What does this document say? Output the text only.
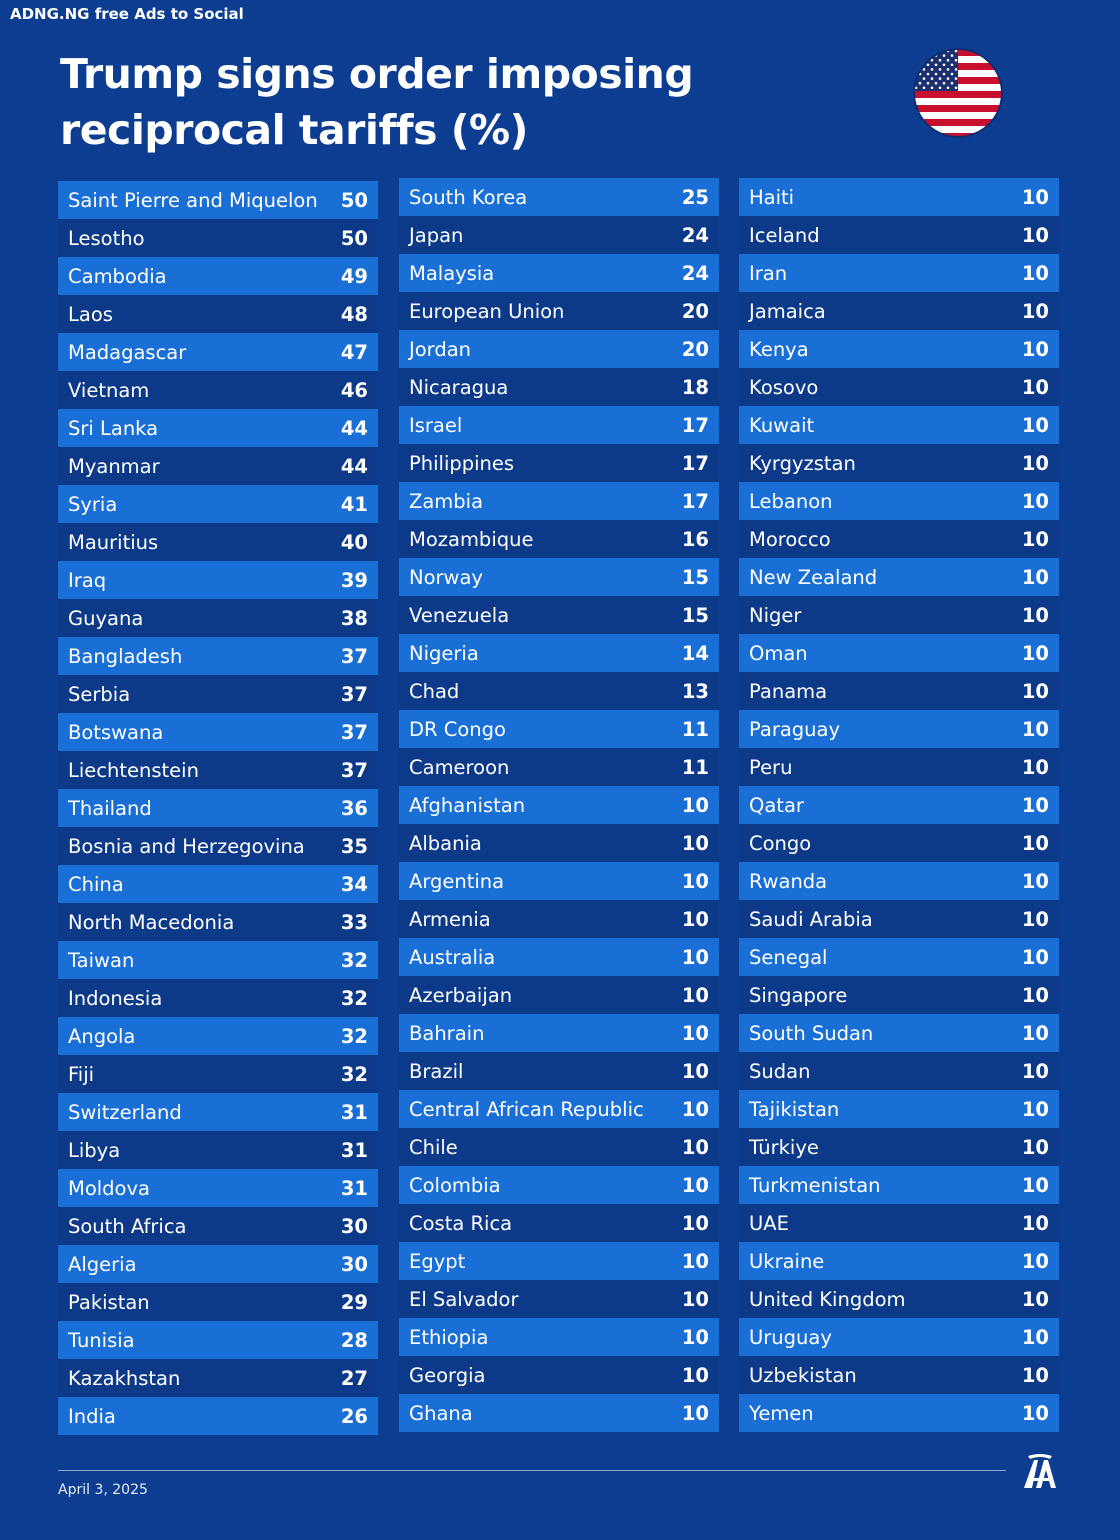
ADNG.NG free Ads to Social
Trump signs order imposing
reciprocal tariffs (%)
Saint Pierre and Miquelon 50
Lesotho	50
Cambodia	49
Laos	48
Madagascar	47
Vietnam	46
Sri Lanka	44
Myanmar	44
Syria	41
Mauritius	40
Iraq	39
Guyana	38
Bangladesh	37
Serbia	37
Botswana	37
Liechtenstein	37
Thailand	36
Bosnia and Herzegovina 35
China	34
North Macedonia	33
Taiwan	32
Indonesia	32
Angola	32
Fiji	32
Switzerland	31
Libya	31
Moldova	31
South Africa	30
Algeria	30
Pakistan	29
Tunisia	28
Kazakhstan	27
India	26
South Korea	25
Japan	24
Malaysia	24
European Union	20
Jordan	20
Nicaragua	18
Israel	17
Philippines	17
Zambia	17
Mozambique	16
Norway	15
Venezuela	15
Nigeria	14
Chad	13
DR Congo	11
Cameroon	11
Afghanistan	10
Albania	10
Argentina	10
Armenia	10
Australia	10
Azerbaijan	10
Bahrain	10
Brazil	10
Central African Republic 10
Chile	10
Colombia	10
Costa Rica	10
Egypt	10
El Salvador	10
Ethiopia	10
Georgia	10
Ghana	10
Haiti	10
Iceland	10
Iran	10
Jamaica	10
Kenya	10
Kosovo	10
Kuwait	10
Kyrgyzstan	10
Lebanon	10
Morocco	10
New Zealand	10
Niger	10
Oman	10
Panama	10
Paraguay	10
Peru	10
Qatar	10
Congo	10
Rwanda	10
Saudi Arabia	10
Senegal	10
Singapore	10
South Sudan	10
Sudan	10
Tajikistan	10
Türkiye	10
Turkmenistan	10
UAE	10
Ukraine	10
United Kingdom	10
Uruguay	10
Uzbekistan	10
Yemen	10
April 3, 2025
